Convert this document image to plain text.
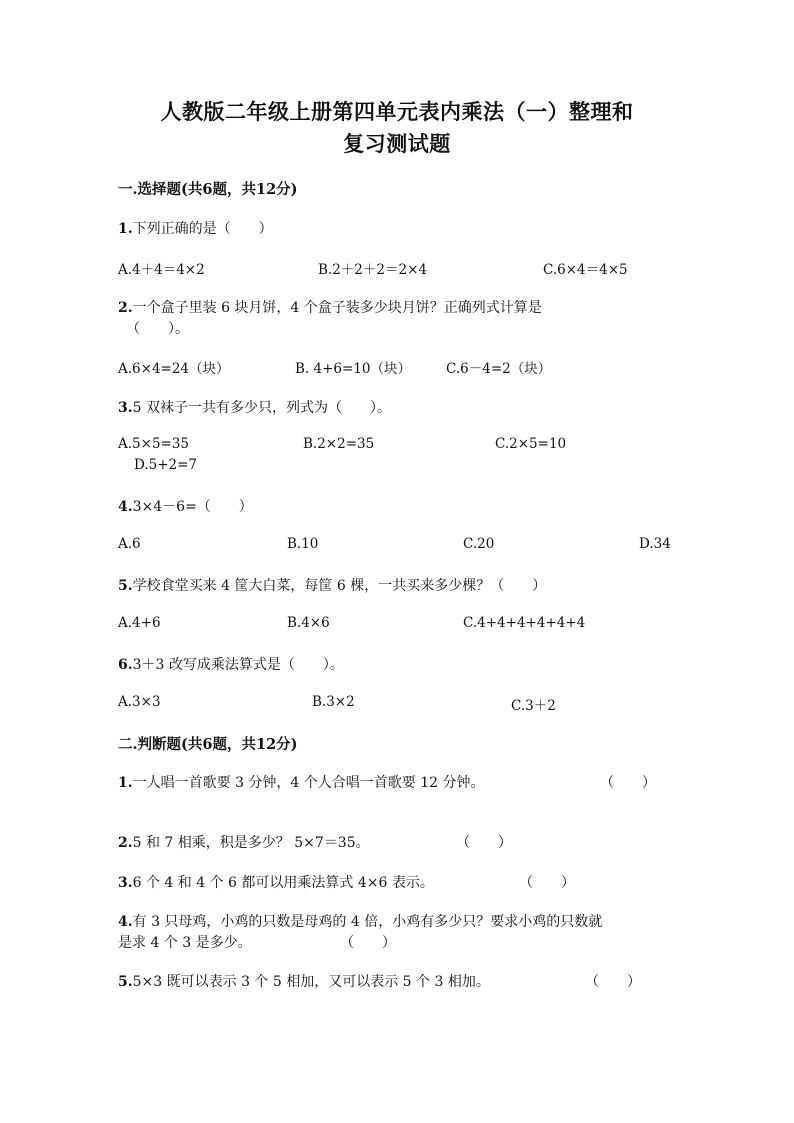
人教版二年级上册第四单元表内乘法（一）整理和
复习测试题
一.选择题(共6题，共12分)
1.下列正确的是（　　）
A.4＋4＝4×2	B.2＋2＋2＝2×4	C.6×4＝4×5
2.一个盒子里装 6 块月饼，4 个盒子装多少块月饼？正确列式计算是
（　　）。
A.6×4=24（块）	B. 4+6=10（块）	C.6－4=2（块）
3.5 双袜子一共有多少只，列式为（　　）。
A.5×5=35	B.2×2=35	C.2×5=10
D.5+2=7
4.3×4－6=（　　）
A.6	B.10	C.20	D.34
5.学校食堂买来 4 筐大白菜，每筐 6 棵，一共买来多少棵？（　　）
A.4+6	B.4×6	C.4+4+4+4+4+4
6.3＋3 改写成乘法算式是（　　）。
A.3×3	B.3×2	C.3＋2
二.判断题(共6题，共12分)
1.一人唱一首歌要 3 分钟，4 个人合唱一首歌要 12 分钟。	（　　）
2.5 和 7 相乘，积是多少？ 5×7＝35。	（　　）
3.6 个 4 和 4 个 6 都可以用乘法算式 4×6 表示。	（　　）
4.有 3 只母鸡，小鸡的只数是母鸡的 4 倍，小鸡有多少只？要求小鸡的只数就
是求 4 个 3 是多少。	（　　）
5.5×3 既可以表示 3 个 5 相加，又可以表示 5 个 3 相加。	（　　）
